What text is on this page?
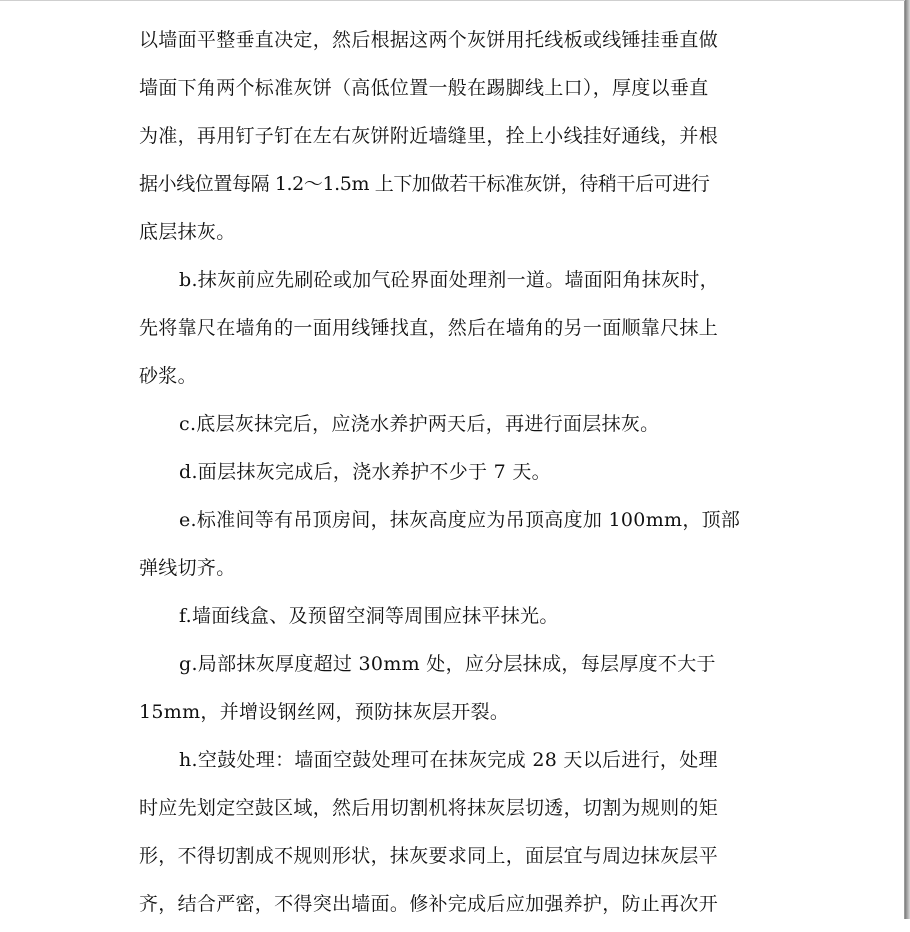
以墙面平整垂直决定，然后根据这两个灰饼用托线板或线锤挂垂直做
墙面下角两个标准灰饼（高低位置一般在踢脚线上口），厚度以垂直
为准，再用钉子钉在左右灰饼附近墙缝里，拴上小线挂好通线，并根
据小线位置每隔 1.2～1.5m 上下加做若干标准灰饼，待稍干后可进行
底层抹灰。
b.抹灰前应先刷砼或加气砼界面处理剂一道。墙面阳角抹灰时，
先将靠尺在墙角的一面用线锤找直，然后在墙角的另一面顺靠尺抹上
砂浆。
c.底层灰抹完后，应浇水养护两天后，再进行面层抹灰。
d.面层抹灰完成后，浇水养护不少于 7 天。
e.标准间等有吊顶房间，抹灰高度应为吊顶高度加 100mm，顶部
弹线切齐。
f.墙面线盒、及预留空洞等周围应抹平抹光。
g.局部抹灰厚度超过 30mm 处，应分层抹成，每层厚度不大于
15mm，并增设钢丝网，预防抹灰层开裂。
h.空鼓处理：墙面空鼓处理可在抹灰完成 28 天以后进行，处理
时应先划定空鼓区域，然后用切割机将抹灰层切透，切割为规则的矩
形，不得切割成不规则形状，抹灰要求同上，面层宜与周边抹灰层平
齐，结合严密，不得突出墙面。修补完成后应加强养护，防止再次开
